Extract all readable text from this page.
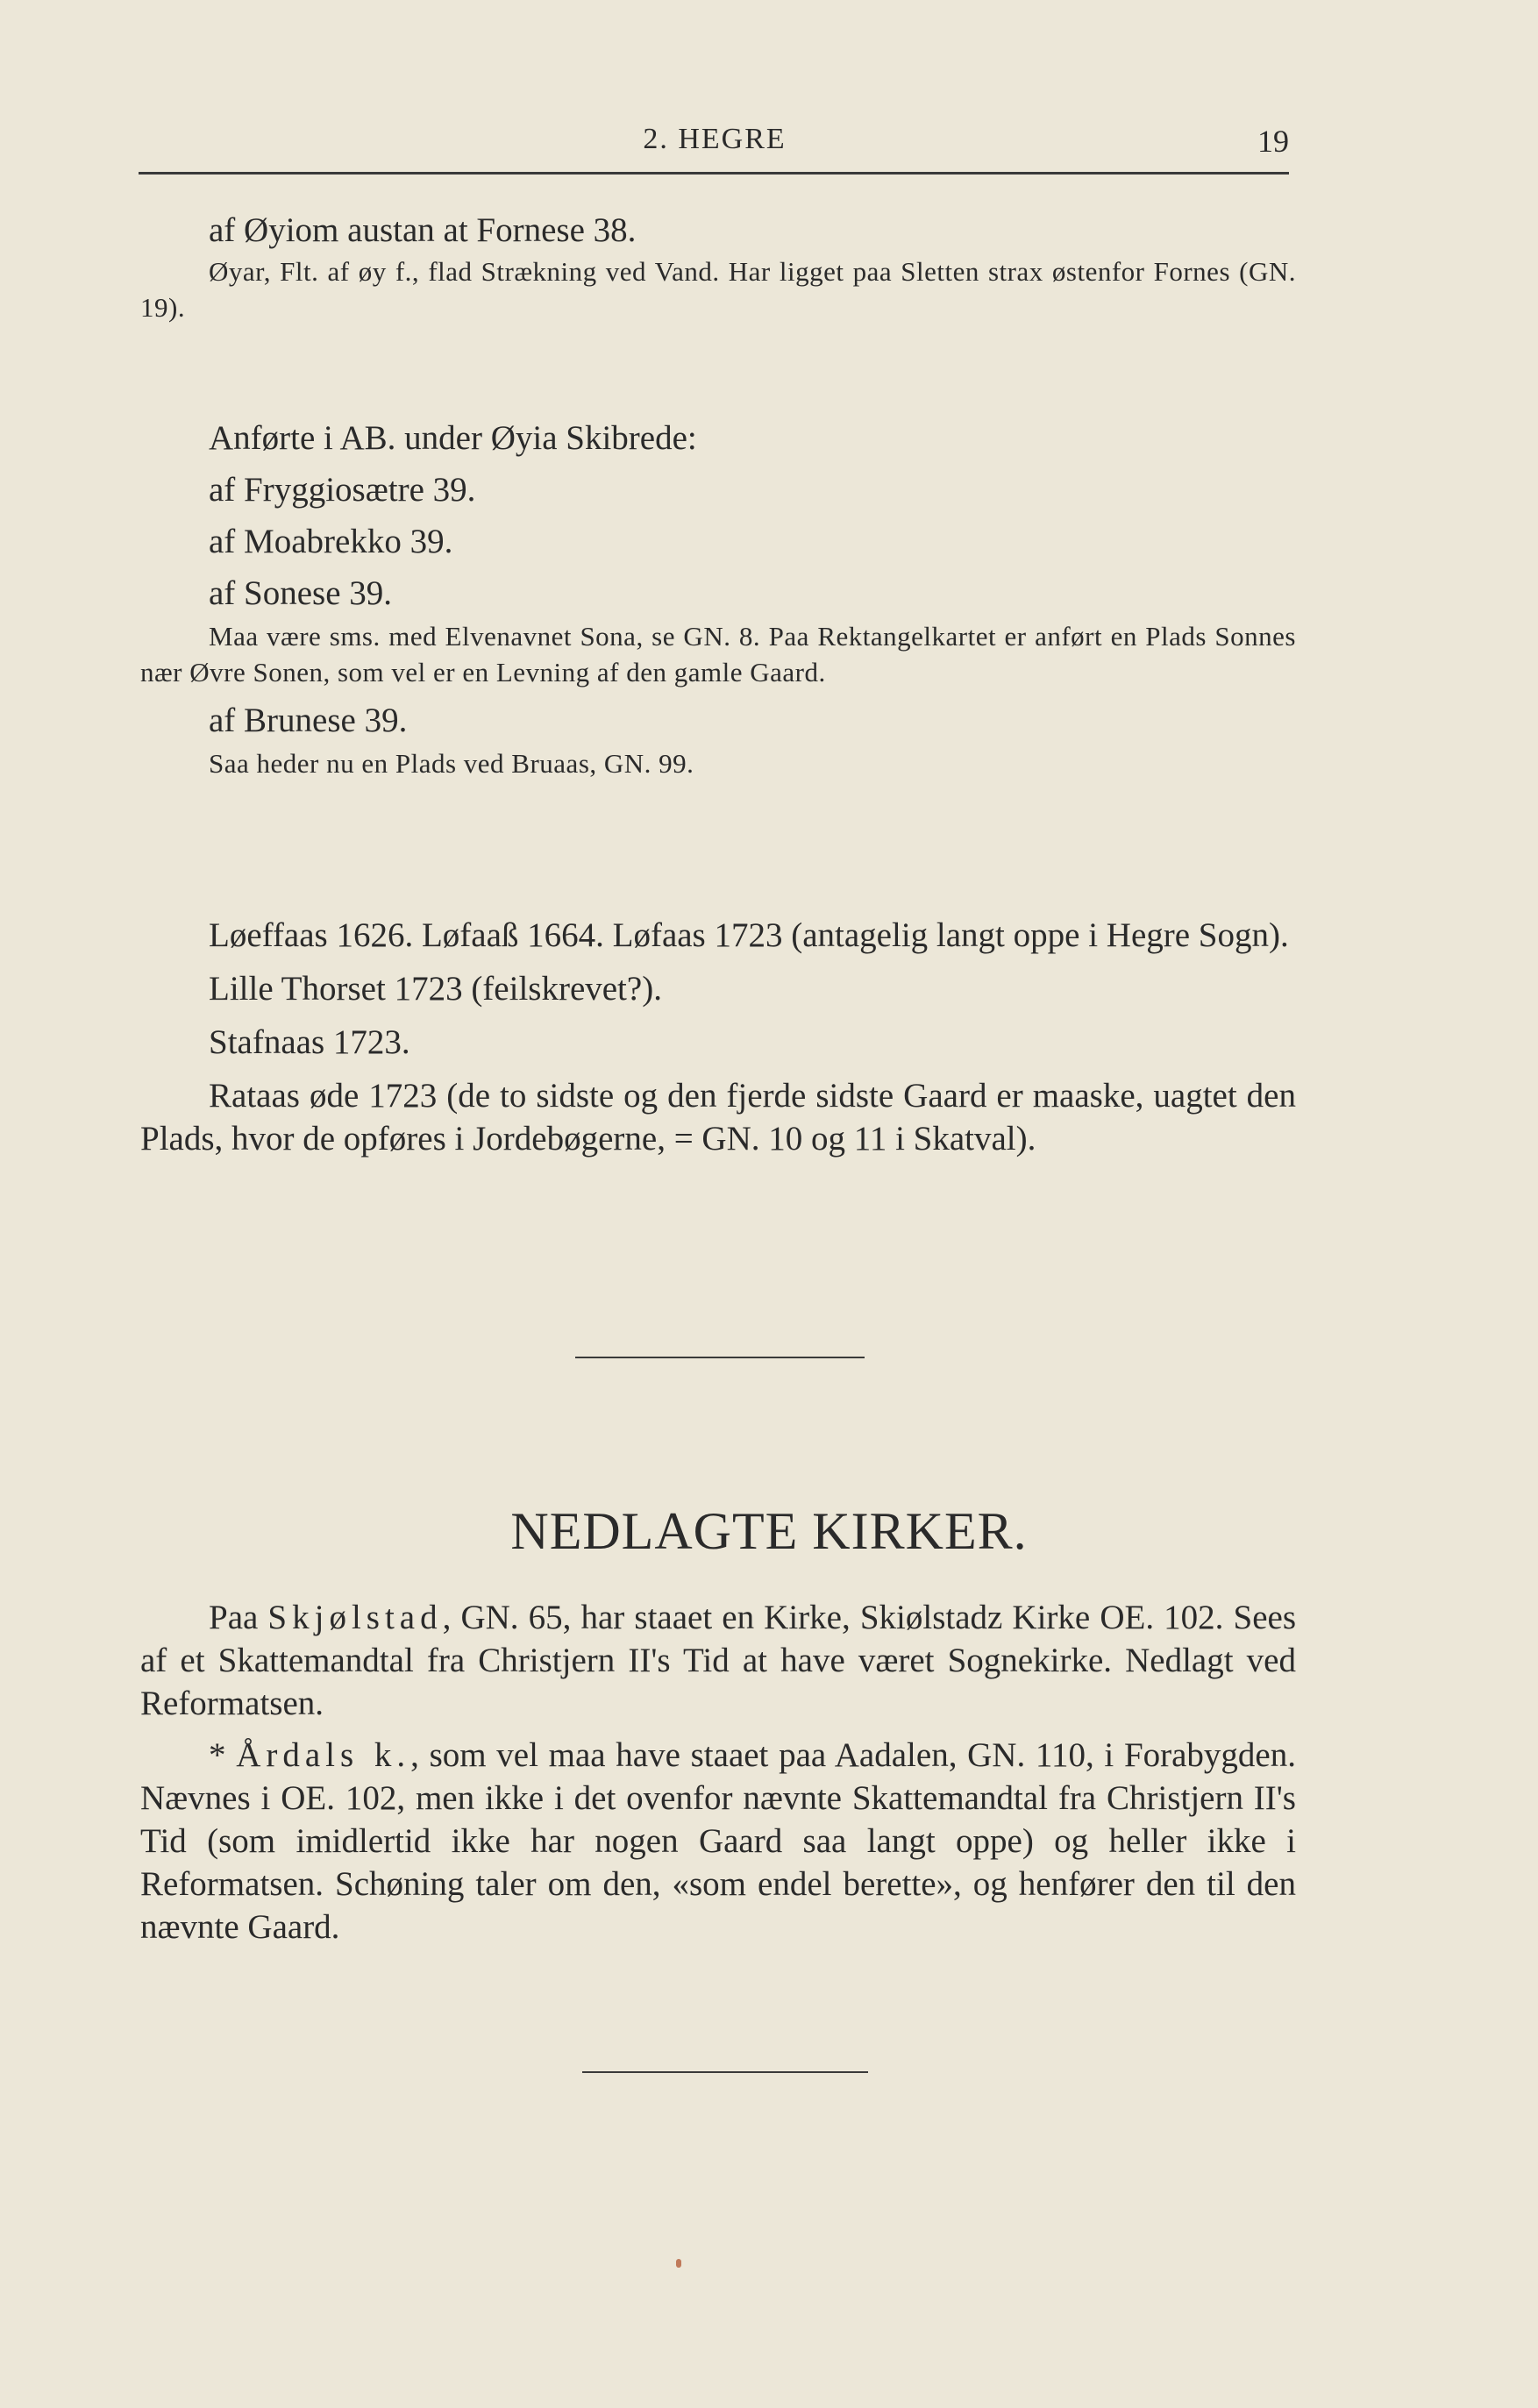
2. HEGRE	19

af Øyiom austan at Fornese 38.

Øyar, Flt. af øy f., flad Strækning ved Vand. Har ligget paa Sletten strax østenfor Fornes (GN. 19).

Anførte i AB. under Øyia Skibrede:

af Fryggiosætre 39.

af Moabrekko 39.

af Sonese 39.

Maa være sms. med Elvenavnet Sona, se GN. 8. Paa Rektangelkartet er anført en Plads Sonnes nær Øvre Sonen, som vel er en Levning af den gamle Gaard.

af Brunese 39.

Saa heder nu en Plads ved Bruaas, GN. 99.

Løeffaas 1626. Løfaaß 1664. Løfaas 1723 (antagelig langt oppe i Hegre Sogn).

Lille Thorset 1723 (feilskrevet?).

Stafnaas 1723.

Rataas øde 1723 (de to sidste og den fjerde sidste Gaard er maaske, uagtet den Plads, hvor de opføres i Jordebøgerne, = GN. 10 og 11 i Skatval).

NEDLAGTE KIRKER.

Paa Skjølstad, GN. 65, har staaet en Kirke, Skiølstadz Kirke OE. 102. Sees af et Skattemandtal fra Christjern II's Tid at have været Sognekirke. Nedlagt ved Reformatsen.

* Årdals k., som vel maa have staaet paa Aadalen, GN. 110, i Forabygden. Nævnes i OE. 102, men ikke i det ovenfor nævnte Skattemandtal fra Christjern II's Tid (som imidlertid ikke har nogen Gaard saa langt oppe) og heller ikke i Reformatsen. Schøning taler om den, «som endel berette», og henfører den til den nævnte Gaard.
